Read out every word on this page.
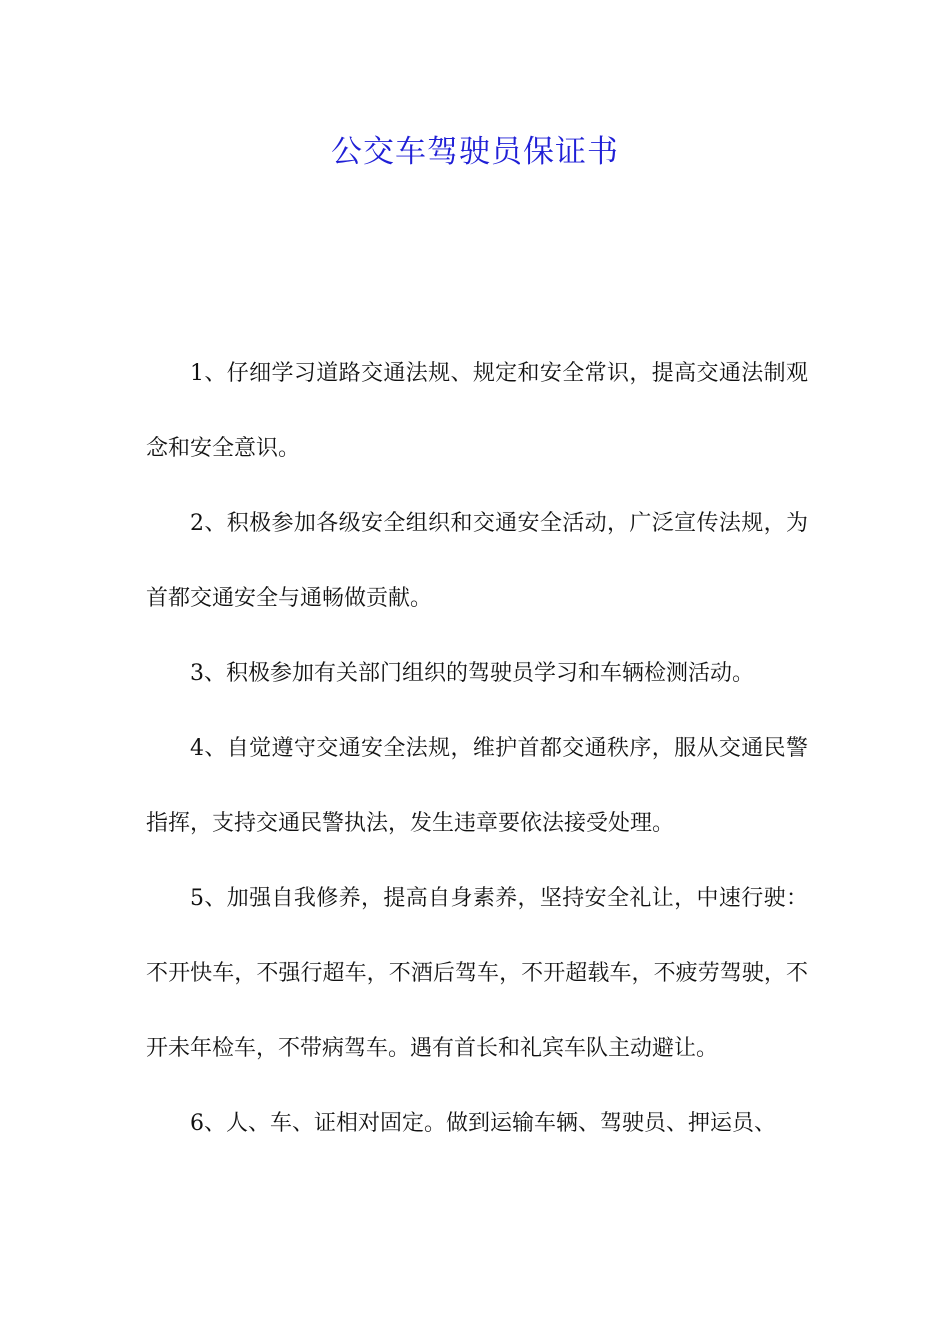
公交车驾驶员保证书

1、仔细学习道路交通法规、规定和安全常识，提高交通法制观念和安全意识。

2、积极参加各级安全组织和交通安全活动，广泛宣传法规，为首都交通安全与通畅做贡献。

3、积极参加有关部门组织的驾驶员学习和车辆检测活动。

4、自觉遵守交通安全法规，维护首都交通秩序，服从交通民警指挥，支持交通民警执法，发生违章要依法接受处理。

5、加强自我修养，提高自身素养，坚持安全礼让，中速行驶：不开快车，不强行超车，不酒后驾车，不开超载车，不疲劳驾驶，不开未年检车，不带病驾车。遇有首长和礼宾车队主动避让。

6、人、车、证相对固定。做到运输车辆、驾驶员、押运员、
